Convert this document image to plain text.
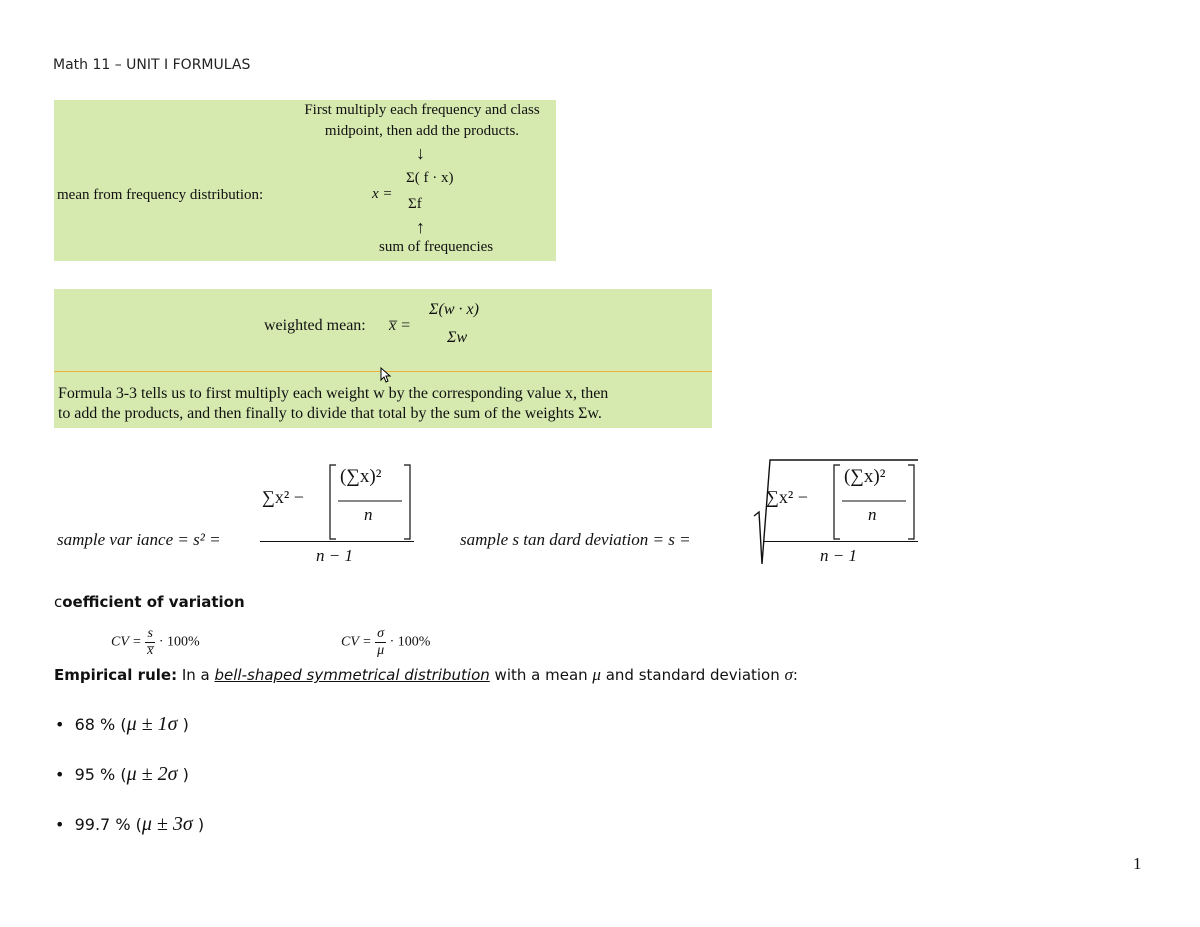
Math 11 – UNIT I FORMULAS
First multiply each frequency and class
midpoint, then add the products.
↓
mean from frequency distribution:	x =
Σ( f · x)
Σf
↑
sum of frequencies
weighted mean: x̅ =
Σ(w · x)
Σw
Formula 3-3 tells us to first multiply each weight w by the corresponding value x, then
to add the products, and then finally to divide that total by the sum of the weights Σw.
sample var iance = s² =
∑x² −
(∑x)²
n
n − 1
sample s tan dard deviation = s =
∑x² −
(∑x)²
n
n − 1
coefficient of variation
CV = $\frac{s}{x̅} \cdot 100\%$	CV = $\frac{\sigma}{\mu} \cdot 100\%$
Empirical rule: In a bell-shaped symmetrical distribution with a mean μ and standard deviation σ:
• 68 % (μ ± 1σ )
• 95 % (μ ± 2σ )
• 99.7 % (μ ± 3σ )
1
